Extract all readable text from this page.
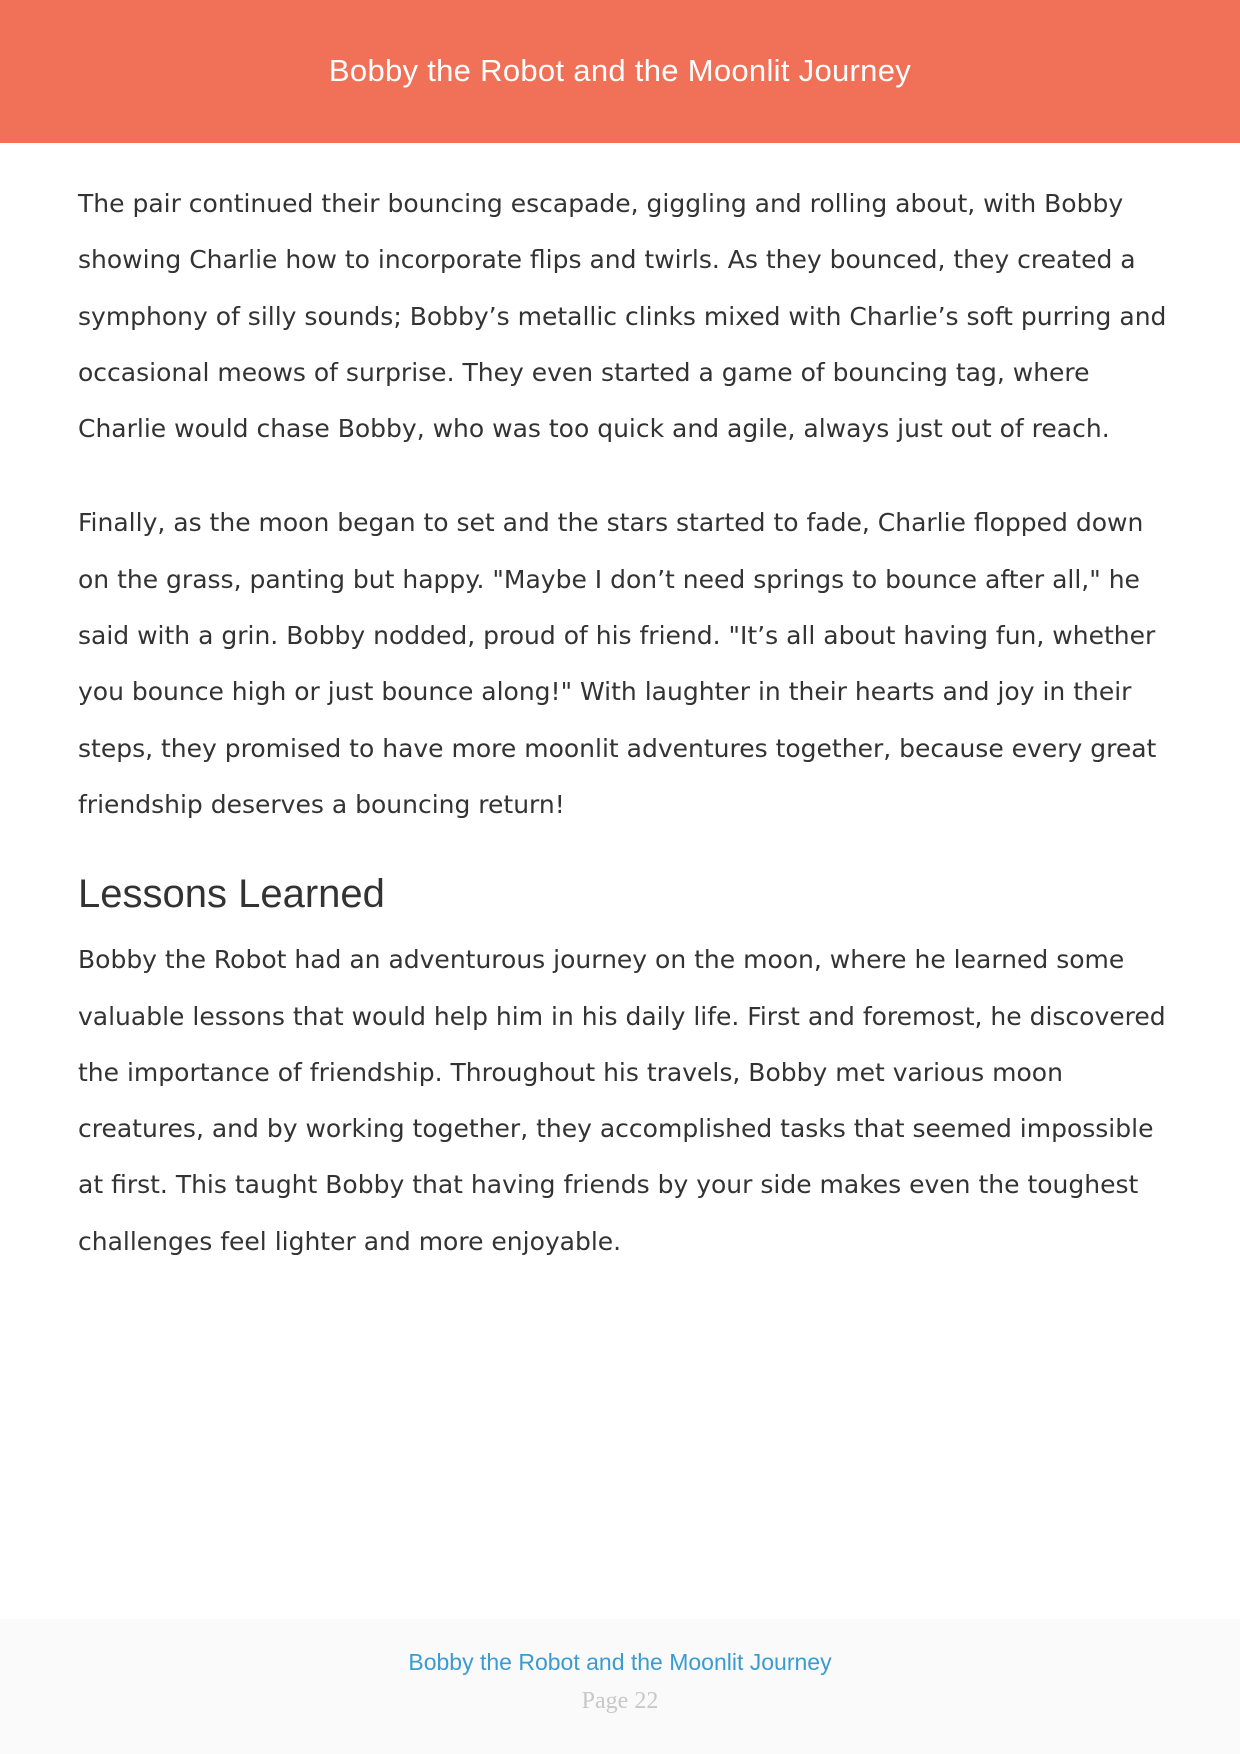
Bobby the Robot and the Moonlit Journey

The pair continued their bouncing escapade, giggling and rolling about, with Bobby showing Charlie how to incorporate flips and twirls. As they bounced, they created a symphony of silly sounds; Bobby’s metallic clinks mixed with Charlie’s soft purring and occasional meows of surprise. They even started a game of bouncing tag, where Charlie would chase Bobby, who was too quick and agile, always just out of reach.

Finally, as the moon began to set and the stars started to fade, Charlie flopped down on the grass, panting but happy. "Maybe I don’t need springs to bounce after all," he said with a grin. Bobby nodded, proud of his friend. "It’s all about having fun, whether you bounce high or just bounce along!" With laughter in their hearts and joy in their steps, they promised to have more moonlit adventures together, because every great friendship deserves a bouncing return!

Lessons Learned

Bobby the Robot had an adventurous journey on the moon, where he learned some valuable lessons that would help him in his daily life. First and foremost, he discovered the importance of friendship. Throughout his travels, Bobby met various moon creatures, and by working together, they accomplished tasks that seemed impossible at first. This taught Bobby that having friends by your side makes even the toughest challenges feel lighter and more enjoyable.

Bobby the Robot and the Moonlit Journey
Page 22
